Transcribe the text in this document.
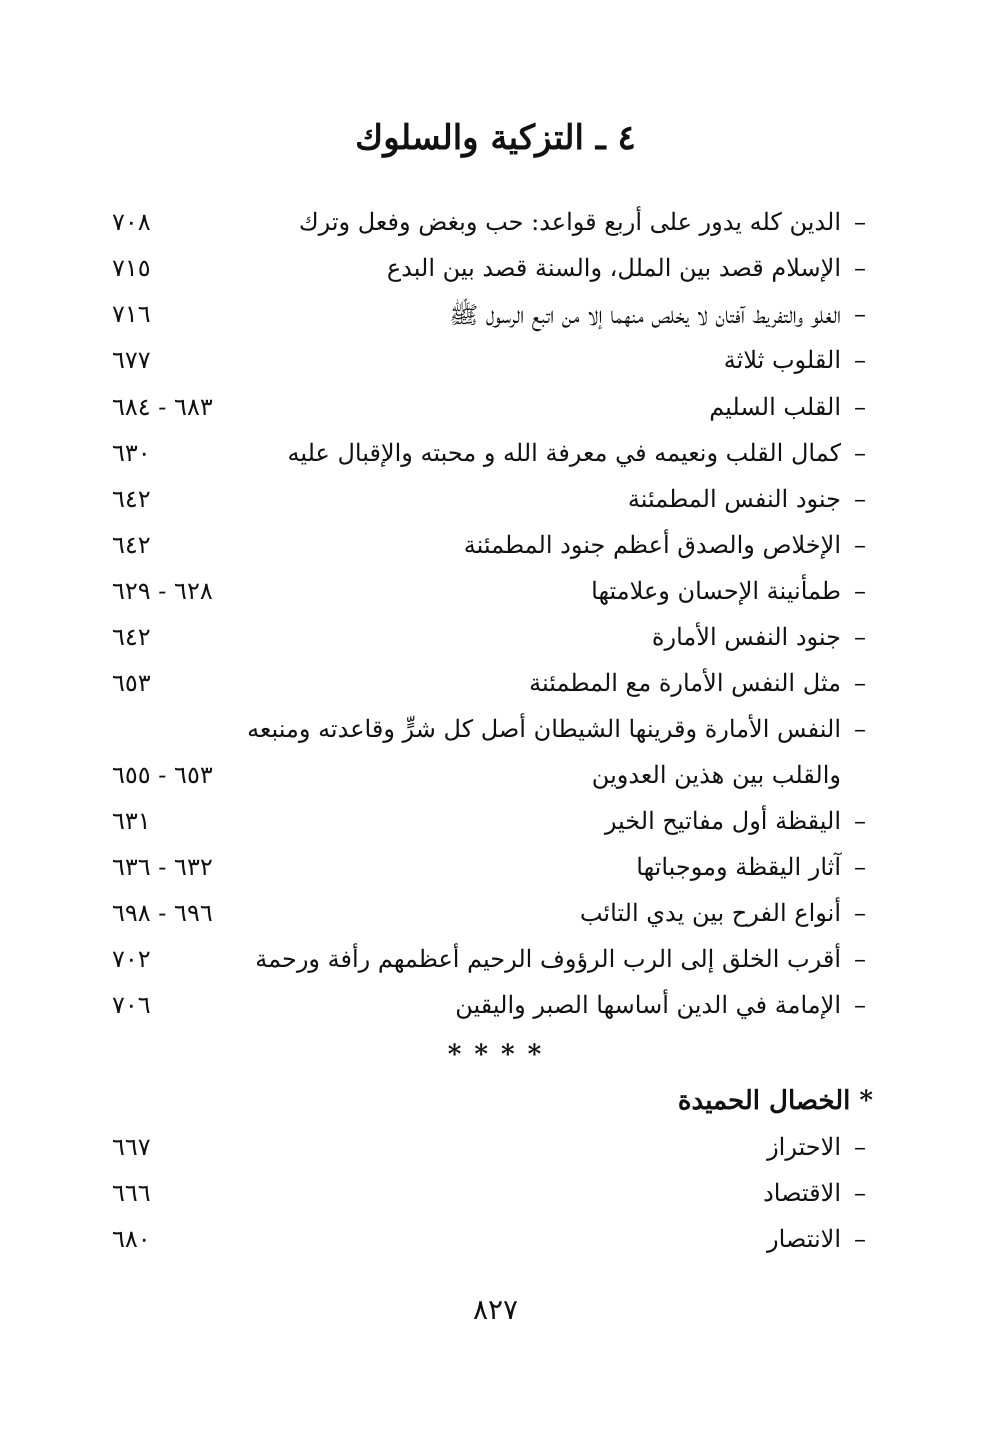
٤ ـ التزكية والسلوك
–
الدين كله يدور على أربع قواعد: حب وبغض وفعل وترك
٧٠٨
–
الإسلام قصد بين الملل، والسنة قصد بين البدع
٧١٥
–
الغلو والتفريط آفتان لا يخلص منهما إلا من اتبع الرسول ﷺ
٧١٦
–
القلوب ثلاثة
٦٧٧
–
القلب السليم
٦٨٣ - ٦٨٤
–
كمال القلب ونعيمه في معرفة الله و محبته والإقبال عليه
٦٣٠
–
جنود النفس المطمئنة
٦٤٢
–
الإخلاص والصدق أعظم جنود المطمئنة
٦٤٢
–
طمأنينة الإحسان وعلامتها
٦٢٨ - ٦٢٩
–
جنود النفس الأمارة
٦٤٢
–
مثل النفس الأمارة مع المطمئنة
٦٥٣
–
النفس الأمارة وقرينها الشيطان أصل كل شرٍّ وقاعدته ومنبعه
والقلب بين هذين العدوين
٦٥٣ - ٦٥٥
–
اليقظة أول مفاتيح الخير
٦٣١
–
آثار اليقظة وموجباتها
٦٣٢ - ٦٣٦
–
أنواع الفرح بين يدي التائب
٦٩٦ - ٦٩٨
–
أقرب الخلق إلى الرب الرؤوف الرحيم أعظمهم رأفة ورحمة
٧٠٢
–
الإمامة في الدين أساسها الصبر واليقين
٧٠٦
* * * *
* الخصال الحميدة
–
الاحتراز
٦٦٧
–
الاقتصاد
٦٦٦
–
الانتصار
٦٨٠
٨٢٧
